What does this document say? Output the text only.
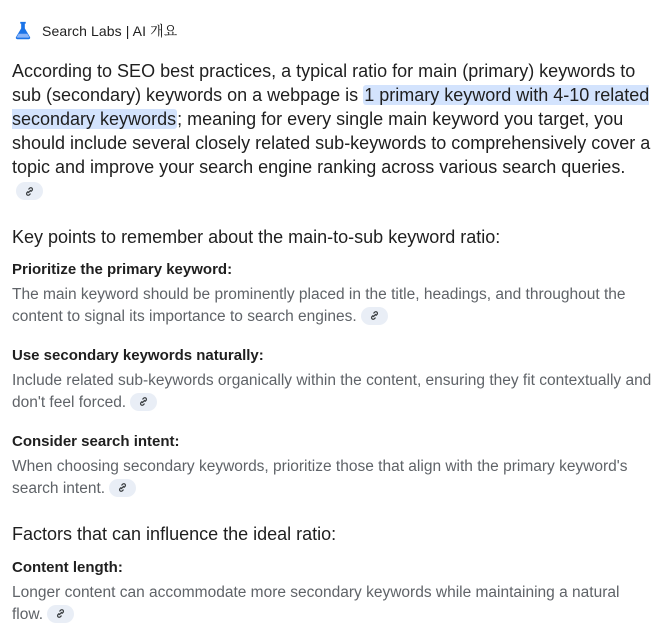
Search Labs | AI 개요

According to SEO best practices, a typical ratio for main (primary) keywords to sub (secondary) keywords on a webpage is 1 primary keyword with 4-10 related secondary keywords; meaning for every single main keyword you target, you should include several closely related sub-keywords to comprehensively cover a topic and improve your search engine ranking across various search queries.

Key points to remember about the main-to-sub keyword ratio:

Prioritize the primary keyword:

The main keyword should be prominently placed in the title, headings, and throughout the content to signal its importance to search engines.

Use secondary keywords naturally:

Include related sub-keywords organically within the content, ensuring they fit contextually and don't feel forced.

Consider search intent:

When choosing secondary keywords, prioritize those that align with the primary keyword's search intent.

Factors that can influence the ideal ratio:

Content length:

Longer content can accommodate more secondary keywords while maintaining a natural flow.
